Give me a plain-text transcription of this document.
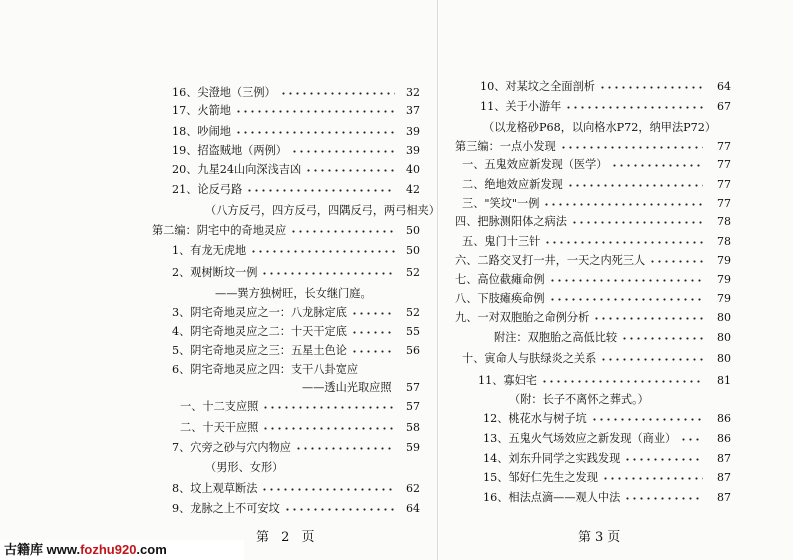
第 2 页	第3页
古籍库 www.fozhu920.com
16、尖澄地（三例）	32
17、火箭地	37
18、吵闹地	39
19、招盗贼地（两例）	39
20、九星24山向深浅吉凶	40
21、论反弓路	42
（八方反弓，四方反弓，四隅反弓，两弓相夹）
第二编：阴宅中的奇地灵应	50
1、有龙无虎地	50
2、观树断坟一例	52
——巽方独树旺，长女继门庭。
3、阴宅奇地灵应之一：八龙脉定底	52
4、阴宅奇地灵应之二：十天干定底	55
5、阴宅奇地灵应之三：五星土色论	56
6、阴宅奇地灵应之四：支干八卦宽应
——透山光取应照	57
一、十二支应照	57
二、十天干应照	58
7、穴旁之砂与穴内物应	59
（男形、女形）
8、坟上观草断法	62
9、龙脉之上不可安坟	64
10、对某坟之全面剖析	64
11、关于小游年	67
（以龙格砂P68，以向格水P72，纳甲法P72）
第三编：一点小发现	77
一、五鬼效应新发现（医学）	77
二、绝地效应新发现	77
三、"笑坟"一例	77
四、把脉测阳体之病法	78
五、鬼门十三针	78
六、二路交叉打一井，一天之内死三人	79
七、高位截瘫命例	79
八、下肢瘫痪命例	79
九、一对双胞胎之命例分析	80
附注：双胞胎之高低比较	80
十、寅命人与肤绿炎之关系	80
11、寡妇宅	81
（附：长子不离怀之葬式。）
12、桃花水与树子坑	86
13、五鬼火气场效应之新发现（商业）	86
14、刘东升同学之实践发现	87
15、邹好仁先生之发现	87
16、相法点滴——观人中法	87
